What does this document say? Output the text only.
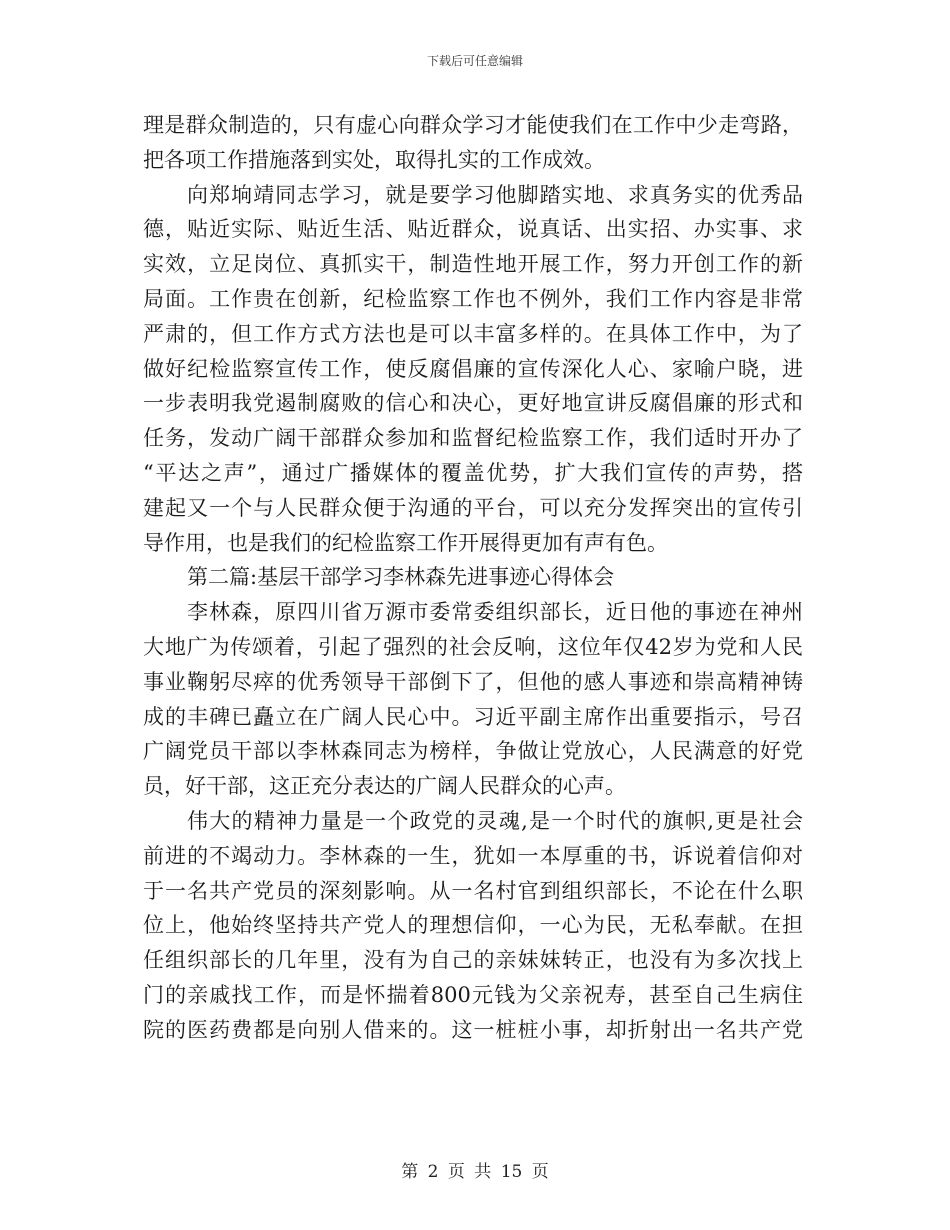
下载后可任意编辑
理是群众制造的，只有虚心向群众学习才能使我们在工作中少走弯路，
把各项工作措施落到实处，取得扎实的工作成效。
向郑垧靖同志学习，就是要学习他脚踏实地、求真务实的优秀品
德，贴近实际、贴近生活、贴近群众，说真话、出实招、办实事、求
实效，立足岗位、真抓实干，制造性地开展工作，努力开创工作的新
局面。工作贵在创新，纪检监察工作也不例外，我们工作内容是非常
严肃的，但工作方式方法也是可以丰富多样的。在具体工作中，为了
做好纪检监察宣传工作，使反腐倡廉的宣传深化人心、家喻户晓，进
一步表明我党遏制腐败的信心和决心，更好地宣讲反腐倡廉的形式和
任务，发动广阔干部群众参加和监督纪检监察工作，我们适时开办了
“平达之声”，通过广播媒体的覆盖优势，扩大我们宣传的声势，搭
建起又一个与人民群众便于沟通的平台，可以充分发挥突出的宣传引
导作用，也是我们的纪检监察工作开展得更加有声有色。
第二篇:基层干部学习李林森先进事迹心得体会
李林森，原四川省万源市委常委组织部长，近日他的事迹在神州
大地广为传颂着，引起了强烈的社会反响，这位年仅42岁为党和人民
事业鞠躬尽瘁的优秀领导干部倒下了，但他的感人事迹和崇高精神铸
成的丰碑已矗立在广阔人民心中。习近平副主席作出重要指示，号召
广阔党员干部以李林森同志为榜样，争做让党放心，人民满意的好党
员，好干部，这正充分表达的广阔人民群众的心声。
伟大的精神力量是一个政党的灵魂,是一个时代的旗帜,更是社会
前进的不竭动力。李林森的一生，犹如一本厚重的书，诉说着信仰对
于一名共产党员的深刻影响。从一名村官到组织部长，不论在什么职
位上，他始终坚持共产党人的理想信仰，一心为民，无私奉献。在担
任组织部长的几年里，没有为自己的亲妹妹转正，也没有为多次找上
门的亲戚找工作，而是怀揣着800元钱为父亲祝寿，甚至自己生病住
院的医药费都是向别人借来的。这一桩桩小事，却折射出一名共产党
第 2 页 共 15 页
